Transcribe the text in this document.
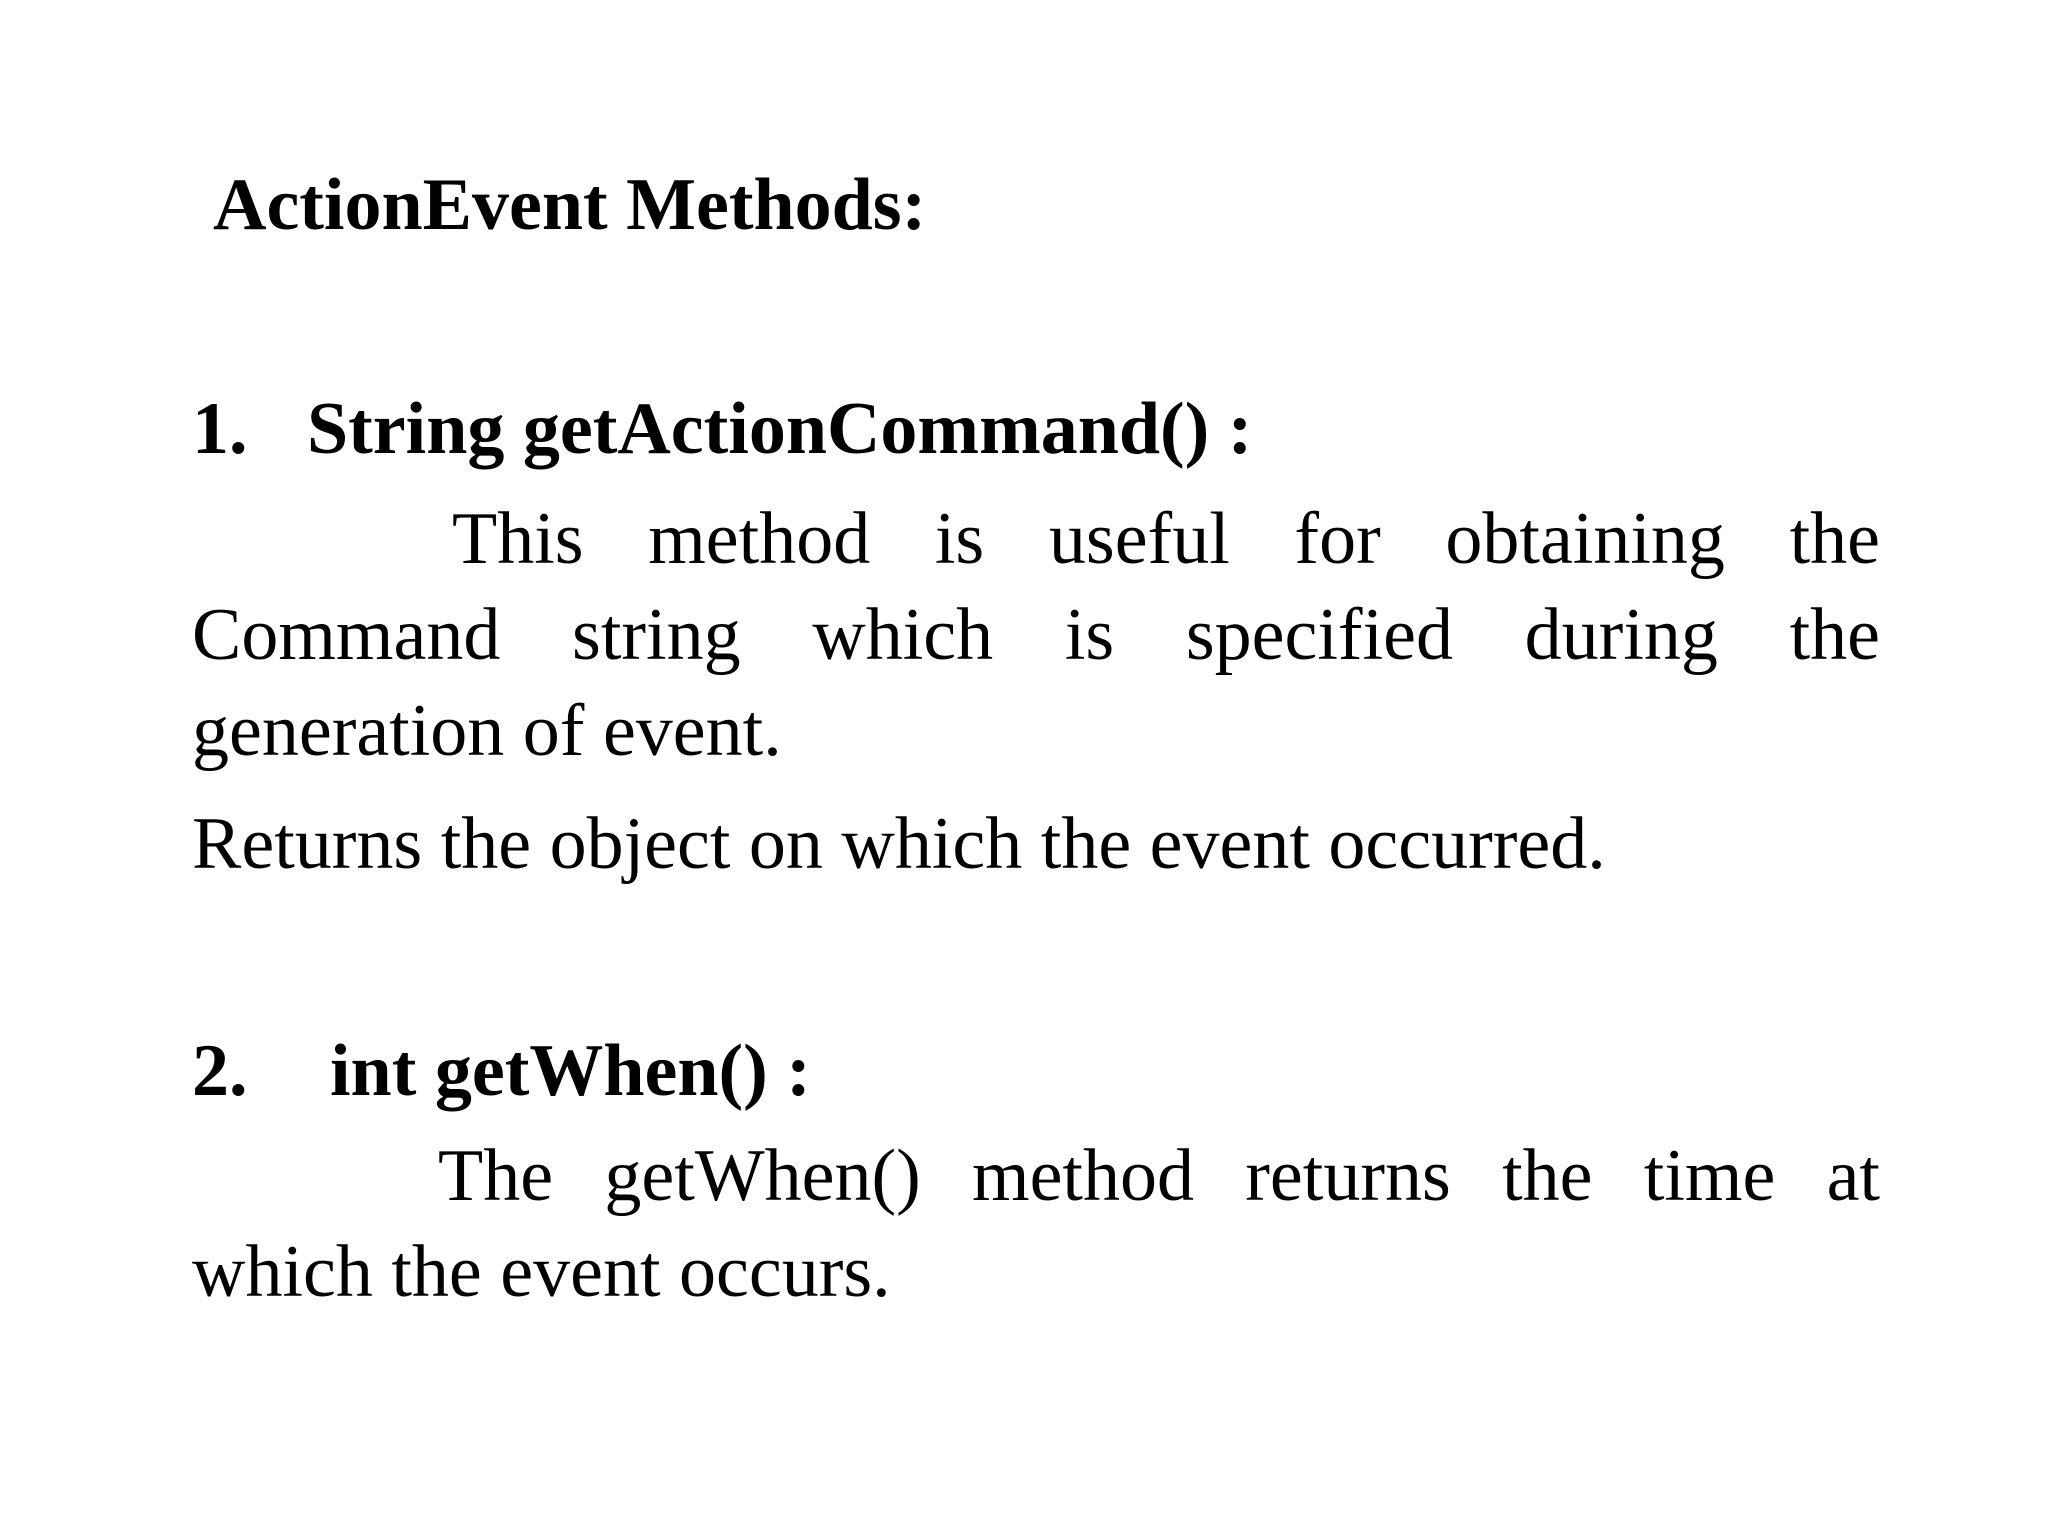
ActionEvent Methods:
1. String getActionCommand() :

This method is useful for obtaining the Command string which is specified during the generation of event.

Returns the object on which the event occurred.

2. int getWhen() :

The getWhen() method returns the time at which the event occurs.
